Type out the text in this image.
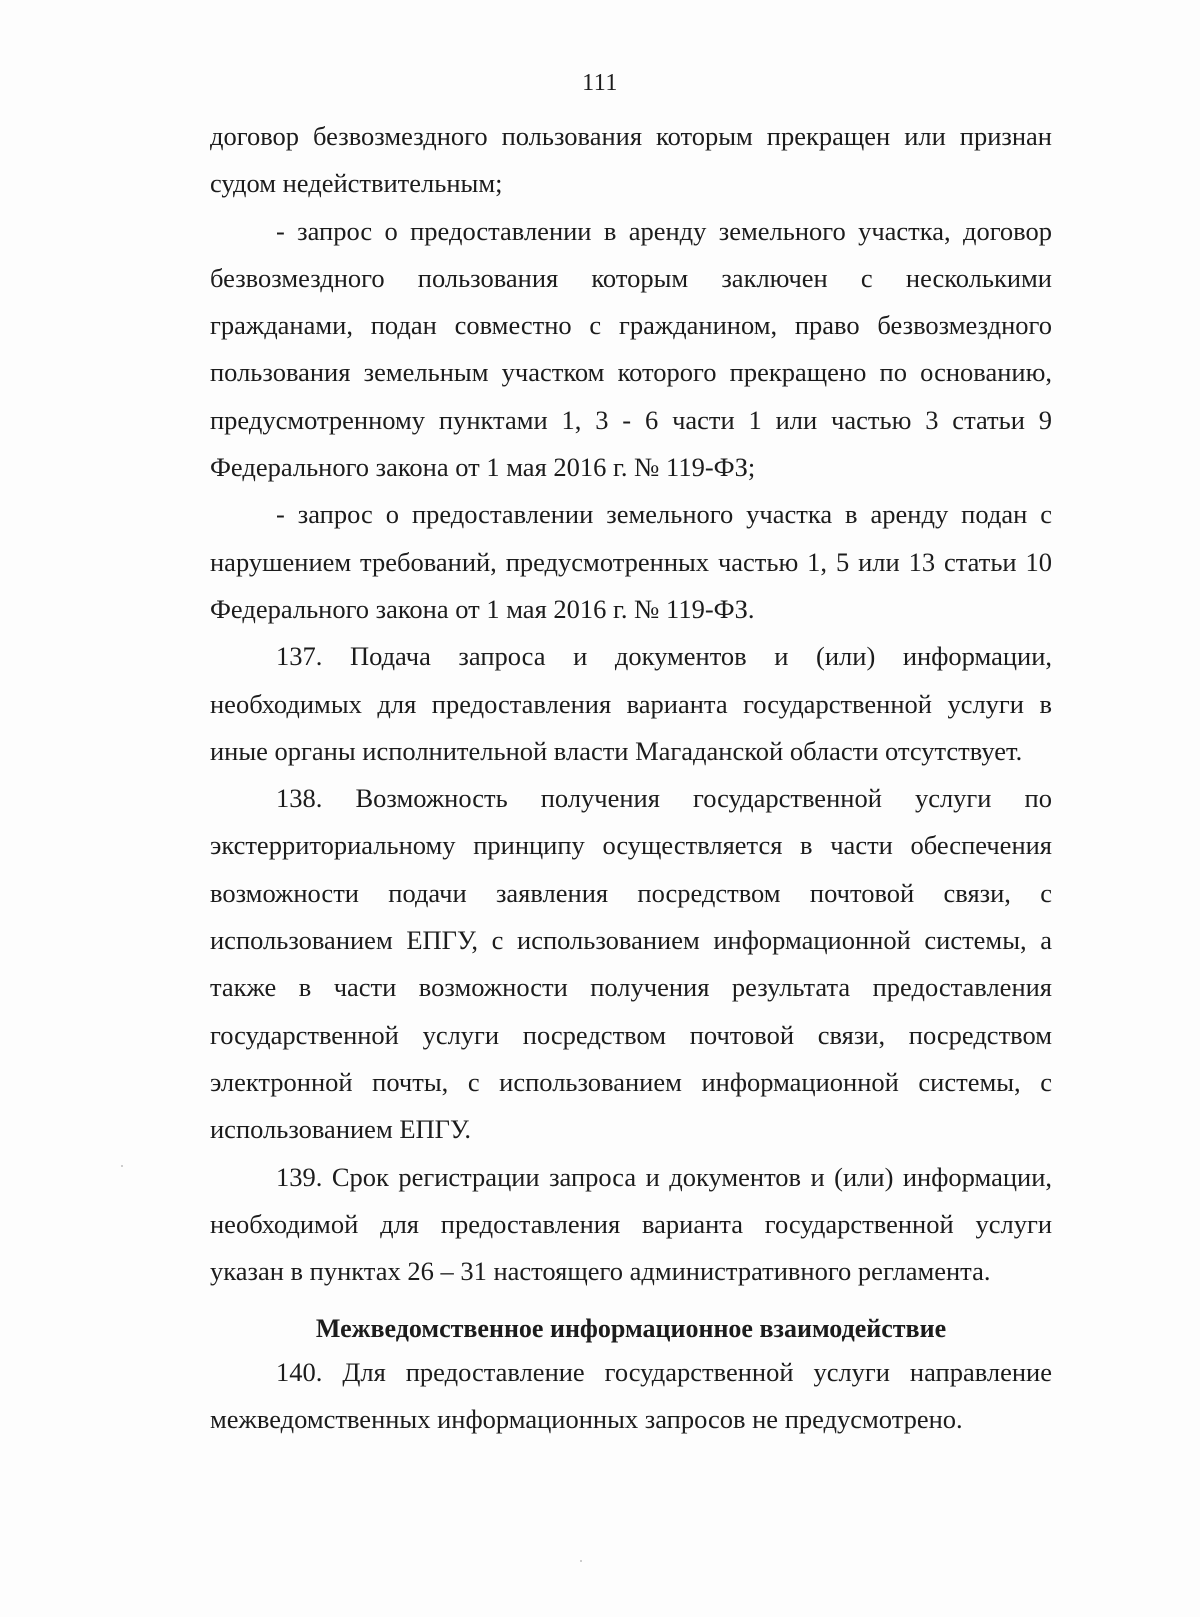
111

договор безвозмездного пользования которым прекращен или признан судом недействительным;

- запрос о предоставлении в аренду земельного участка, договор безвозмездного пользования которым заключен с несколькими гражданами, подан совместно с гражданином, право безвозмездного пользования земельным участком которого прекращено по основанию, предусмотренному пунктами 1, 3 - 6 части 1 или частью 3 статьи 9 Федерального закона от 1 мая 2016 г. № 119-ФЗ;

- запрос о предоставлении земельного участка в аренду подан с нарушением требований, предусмотренных частью 1, 5 или 13 статьи 10 Федерального закона от 1 мая 2016 г. № 119-ФЗ.

137. Подача запроса и документов и (или) информации, необходимых для предоставления варианта государственной услуги в иные органы исполнительной власти Магаданской области отсутствует.

138. Возможность получения государственной услуги по экстерриториальному принципу осуществляется в части обеспечения возможности подачи заявления посредством почтовой связи, с использованием ЕПГУ, с использованием информационной системы, а также в части возможности получения результата предоставления государственной услуги посредством почтовой связи, посредством электронной почты, с использованием информационной системы, с использованием ЕПГУ.

139. Срок регистрации запроса и документов и (или) информации, необходимой для предоставления варианта государственной услуги указан в пунктах 26 – 31 настоящего административного регламента.

Межведомственное информационное взаимодействие

140. Для предоставление государственной услуги направление межведомственных информационных запросов не предусмотрено.
